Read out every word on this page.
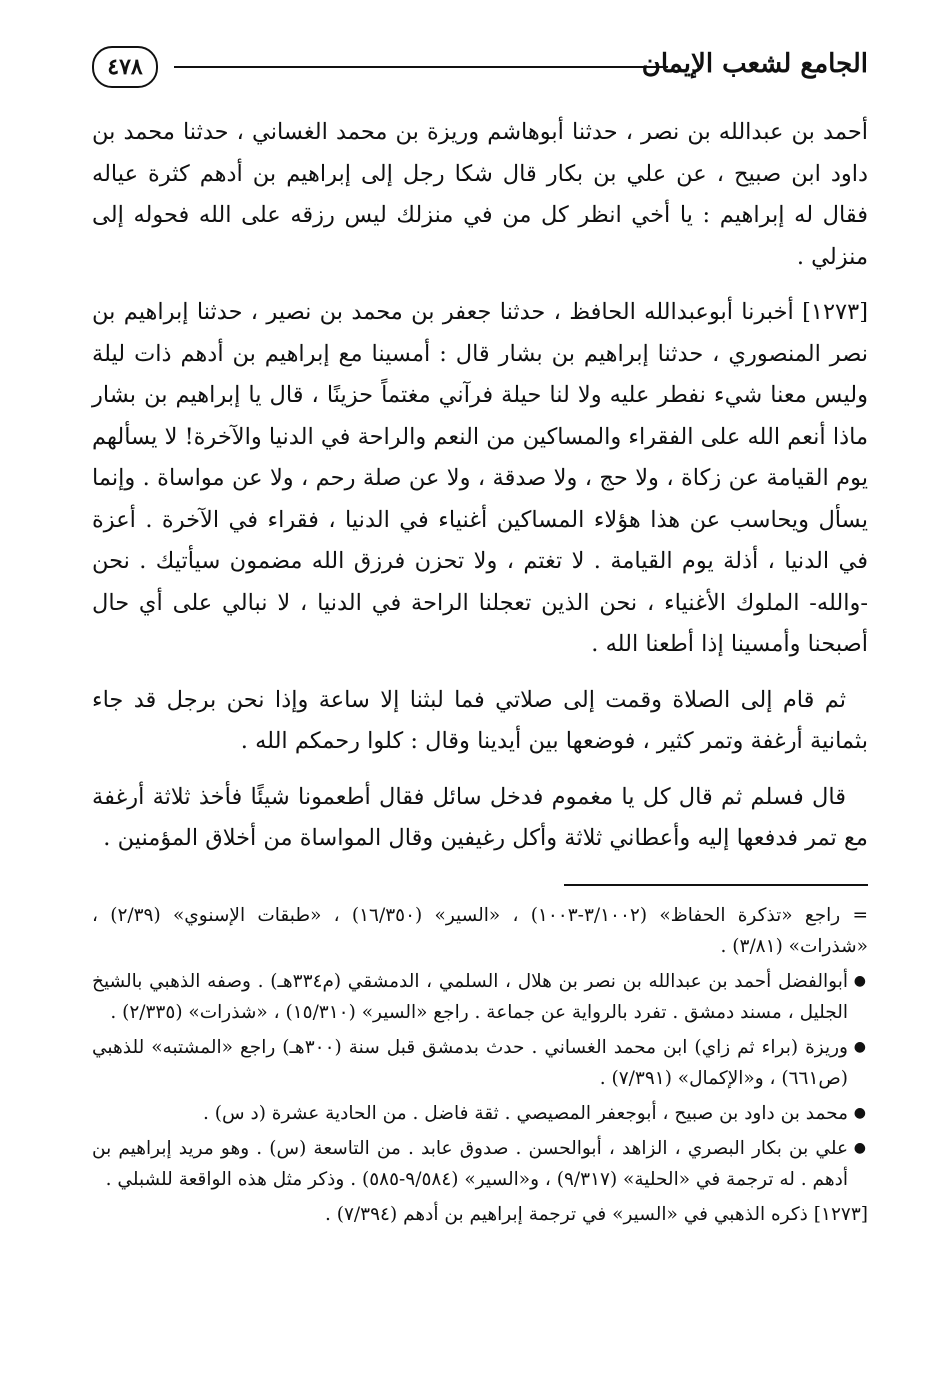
الجامع لشعب الإيمان
٤٧٨

أحمد بن عبدالله بن نصر ، حدثنا أبوهاشم وريزة بن محمد الغساني ، حدثنا محمد بن داود ابن صبيح ، عن علي بن بكار قال شكا رجل إلى إبراهيم بن أدهم كثرة عياله فقال له إبراهيم : يا أخي انظر كل من في منزلك ليس رزقه على الله فحوله إلى منزلي .

[١٢٧٣] أخبرنا أبوعبدالله الحافظ ، حدثنا جعفر بن محمد بن نصير ، حدثنا إبراهيم بن نصر المنصوري ، حدثنا إبراهيم بن بشار قال : أمسينا مع إبراهيم بن أدهم ذات ليلة وليس معنا شيء نفطر عليه ولا لنا حيلة فرآني مغتماً حزينًا ، قال يا إبراهيم بن بشار ماذا أنعم الله على الفقراء والمساكين من النعم والراحة في الدنيا والآخرة! لا يسألهم يوم القيامة عن زكاة ، ولا حج ، ولا صدقة ، ولا عن صلة رحم ، ولا عن مواساة . وإنما يسأل ويحاسب عن هذا هؤلاء المساكين أغنياء في الدنيا ، فقراء في الآخرة . أعزة في الدنيا ، أذلة يوم القيامة . لا تغتم ، ولا تحزن فرزق الله مضمون سيأتيك . نحن -والله- الملوك الأغنياء ، نحن الذين تعجلنا الراحة في الدنيا ، لا نبالي على أي حال أصبحنا وأمسينا إذا أطعنا الله .

ثم قام إلى الصلاة وقمت إلى صلاتي فما لبثنا إلا ساعة وإذا نحن برجل قد جاء بثمانية أرغفة وتمر كثير ، فوضعها بين أيدينا وقال : كلوا رحمكم الله .

قال فسلم ثم قال كل يا مغموم فدخل سائل فقال أطعمونا شيئًا فأخذ ثلاثة أرغفة مع تمر فدفعها إليه وأعطاني ثلاثة وأكل رغيفين وقال المواساة من أخلاق المؤمنين .

= راجع «تذكرة الحفاظ» (٣/١٠٠٢-١٠٠٣) ، «السير» (١٦/٣٥٠) ، «طبقات الإسنوي» (٢/٣٩) ، «شذرات» (٣/٨١) .
●
أبوالفضل أحمد بن عبدالله بن نصر بن هلال ، السلمي ، الدمشقي (م٣٣٤هـ) . وصفه الذهبي بالشيخ الجليل ، مسند دمشق . تفرد بالرواية عن جماعة . راجع «السير» (١٥/٣١٠) ، «شذرات» (٢/٣٣٥) .
●
وريزة (براء ثم زاي) ابن محمد الغساني . حدث بدمشق قبل سنة (٣٠٠هـ) راجع «المشتبه» للذهبي (ص٦٦١) ، و«الإكمال» (٧/٣٩١) .
●
محمد بن داود بن صبيح ، أبوجعفر المصيصي . ثقة فاضل . من الحادية عشرة (د س) .
●
علي بن بكار البصري ، الزاهد ، أبوالحسن . صدوق عابد . من التاسعة (س) . وهو مريد إبراهيم بن أدهم . له ترجمة في «الحلية» (٩/٣١٧) ، و«السير» (٩/٥٨٤-٥٨٥) . وذكر مثل هذه الواقعة للشبلي .
[١٢٧٣] ذكره الذهبي في «السير» في ترجمة إبراهيم بن أدهم (٧/٣٩٤) .
